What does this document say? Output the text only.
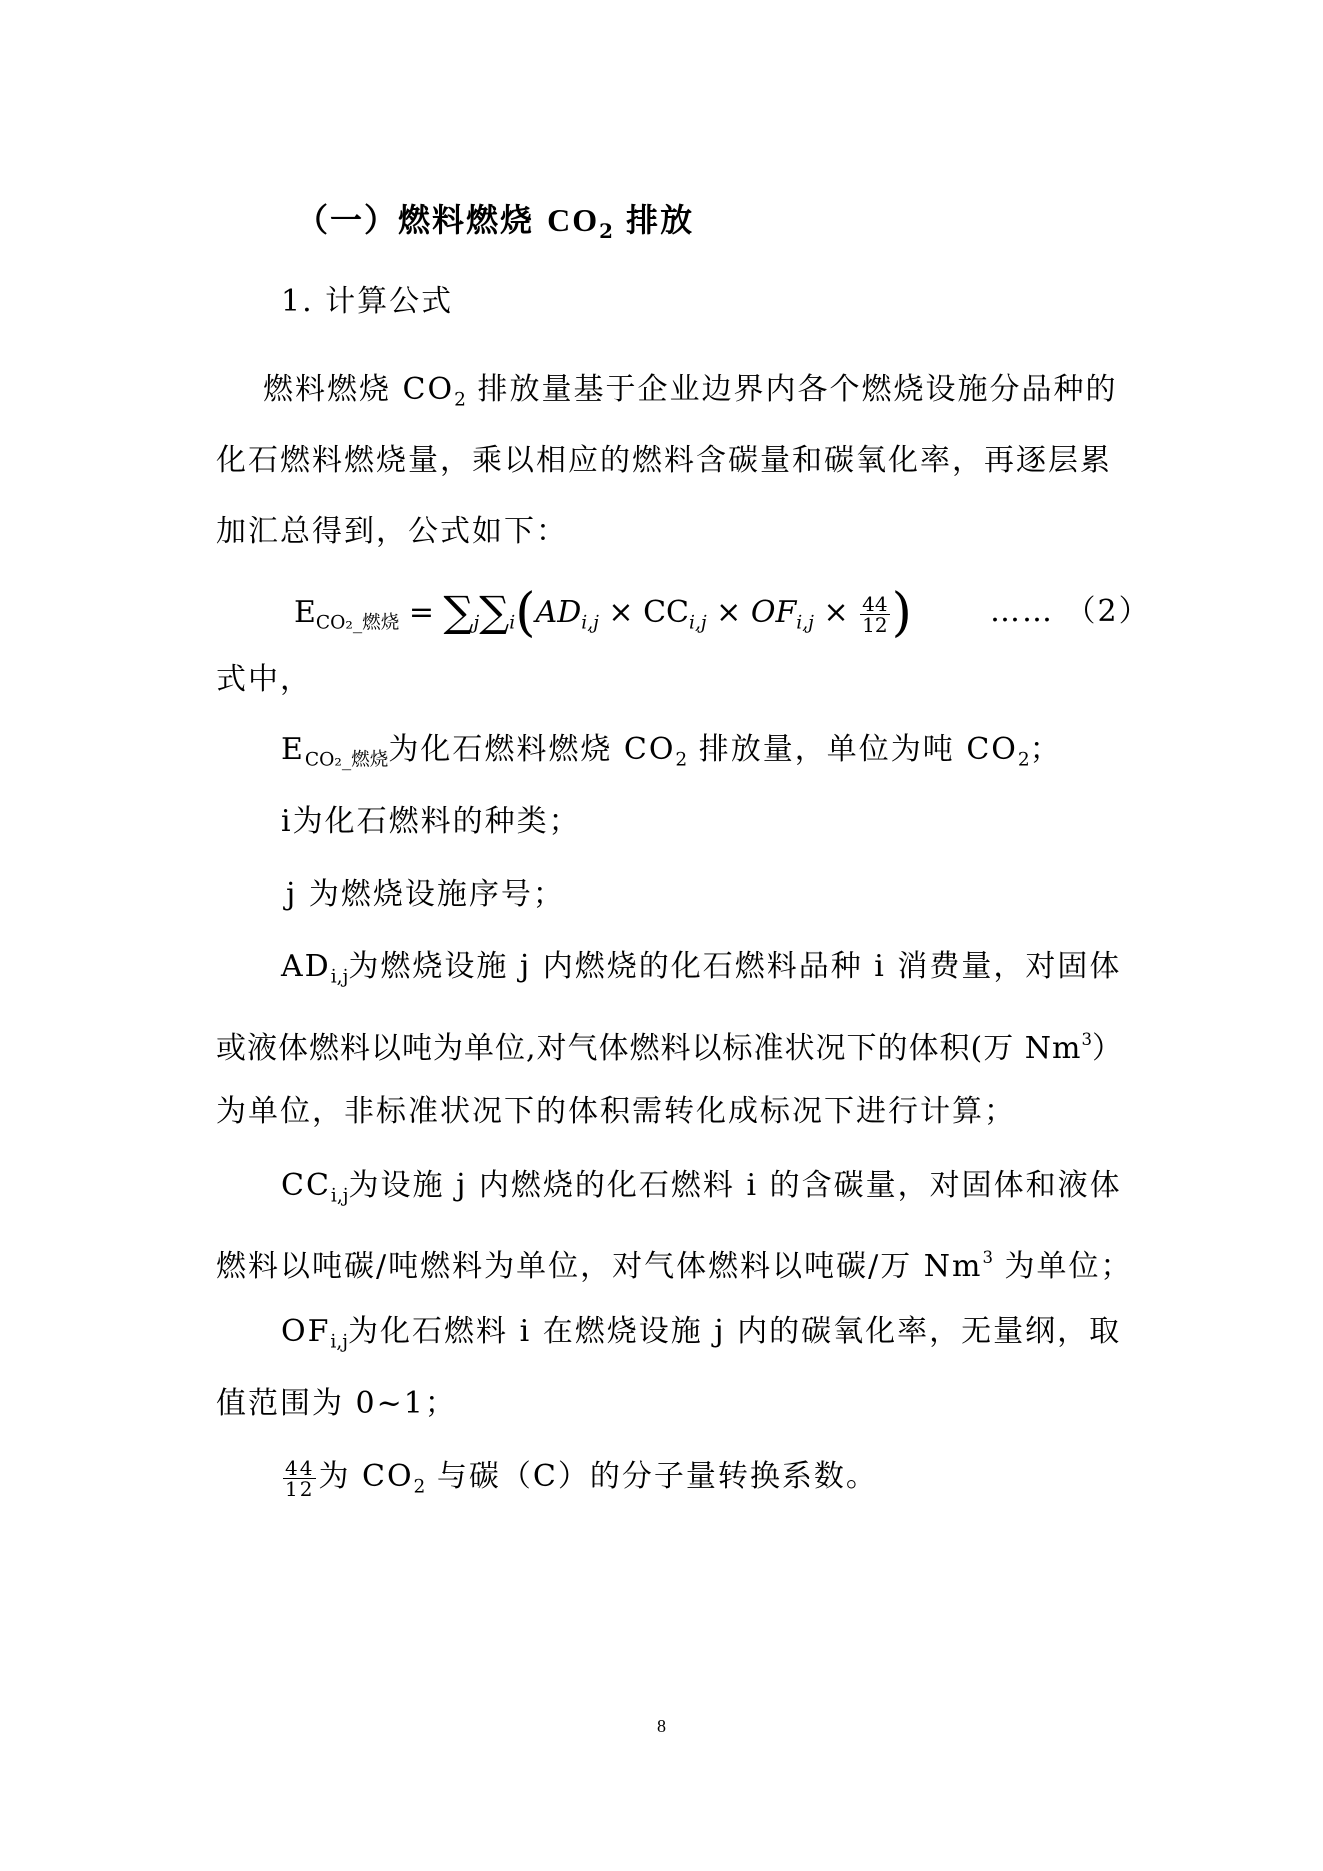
（一）燃料燃烧 $CO_2$ 排放
1. 计算公式
燃料燃烧 $CO_2$ 排放量基于企业边界内各个燃烧设施分品种的
化石燃料燃烧量，乘以相应的燃料含碳量和碳氧化率，再逐层累
加汇总得到，公式如下：
$E_{CO_2\_燃烧} = \sum_j\sum_i(AD_{i,j} \times CC_{i,j} \times OF_{i,j} \times \frac{44}{12}$ )	…… （2）
式中，
$E_{CO_2\_燃烧}$为化石燃料燃烧 $CO_2$ 排放量，单位为吨 $CO_2$；
i为化石燃料的种类；
j 为燃烧设施序号；
$AD_{i,j}$为燃烧设施 j 内燃烧的化石燃料品种 i 消费量，对固体
或液体燃料以吨为单位,对气体燃料以标准状况下的体积(万 Nm$^3$）
为单位，非标准状况下的体积需转化成标况下进行计算；
$CC_{i,j}$为设施 j 内燃烧的化石燃料 i 的含碳量，对固体和液体
燃料以吨碳/吨燃料为单位，对气体燃料以吨碳/万 Nm$^3$ 为单位；
$OF_{i,j}$为化石燃料 i 在燃烧设施 j 内的碳氧化率，无量纲，取
值范围为 0~1；
$\frac{44}{12}$ 为 $CO_2$ 与碳（C）的分子量转换系数。
8
